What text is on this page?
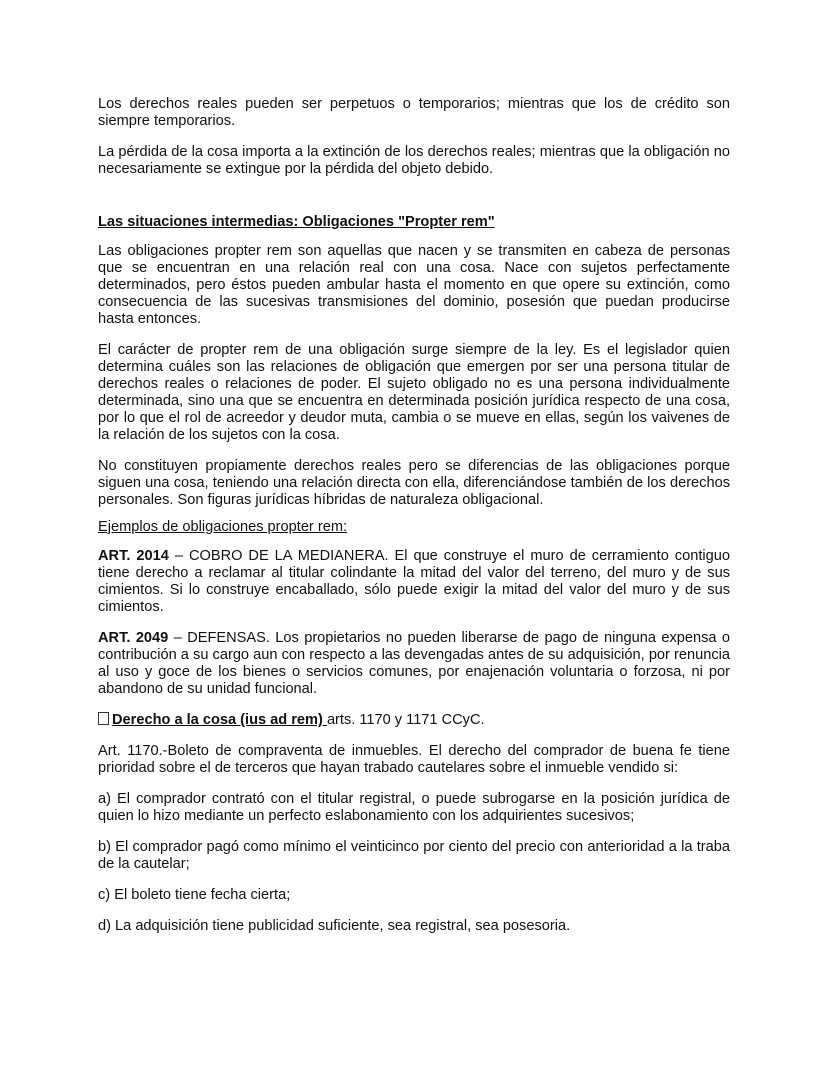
Los derechos reales pueden ser perpetuos o temporarios; mientras que los de crédito son siempre temporarios.

La pérdida de la cosa importa a la extinción de los derechos reales; mientras que la obligación no necesariamente se extingue por la pérdida del objeto debido.

Las situaciones intermedias: Obligaciones "Propter rem"

Las obligaciones propter rem son aquellas que nacen y se transmiten en cabeza de personas que se encuentran en una relación real con una cosa. Nace con sujetos perfectamente determinados, pero éstos pueden ambular hasta el momento en que opere su extinción, como consecuencia de las sucesivas transmisiones del dominio, posesión que puedan producirse hasta entonces.

El carácter de propter rem de una obligación surge siempre de la ley. Es el legislador quien determina cuáles son las relaciones de obligación que emergen por ser una persona titular de derechos reales o relaciones de poder. El sujeto obligado no es una persona individualmente determinada, sino una que se encuentra en determinada posición jurídica respecto de una cosa, por lo que el rol de acreedor y deudor muta, cambia o se mueve en ellas, según los vaivenes de la relación de los sujetos con la cosa.

No constituyen propiamente derechos reales pero se diferencias de las obligaciones porque siguen una cosa, teniendo una relación directa con ella, diferenciándose también de los derechos personales. Son figuras jurídicas híbridas de naturaleza obligacional.

Ejemplos de obligaciones propter rem:

ART. 2014 – COBRO DE LA MEDIANERA. El que construye el muro de cerramiento contiguo tiene derecho a reclamar al titular colindante la mitad del valor del terreno, del muro y de sus cimientos. Si lo construye encaballado, sólo puede exigir la mitad del valor del muro y de sus cimientos.

ART. 2049 – DEFENSAS. Los propietarios no pueden liberarse de pago de ninguna expensa o contribución a su cargo aun con respecto a las devengadas antes de su adquisición, por renuncia al uso y goce de los bienes o servicios comunes, por enajenación voluntaria o forzosa, ni por abandono de su unidad funcional.

Derecho a la cosa (ius ad rem) arts. 1170 y 1171 CCyC.

Art. 1170.-Boleto de compraventa de inmuebles. El derecho del comprador de buena fe tiene prioridad sobre el de terceros que hayan trabado cautelares sobre el inmueble vendido si:

a) El comprador contrató con el titular registral, o puede subrogarse en la posición jurídica de quien lo hizo mediante un perfecto eslabonamiento con los adquirientes sucesivos;

b) El comprador pagó como mínimo el veinticinco por ciento del precio con anterioridad a la traba de la cautelar;

c) El boleto tiene fecha cierta;

d) La adquisición tiene publicidad suficiente, sea registral, sea posesoria.
